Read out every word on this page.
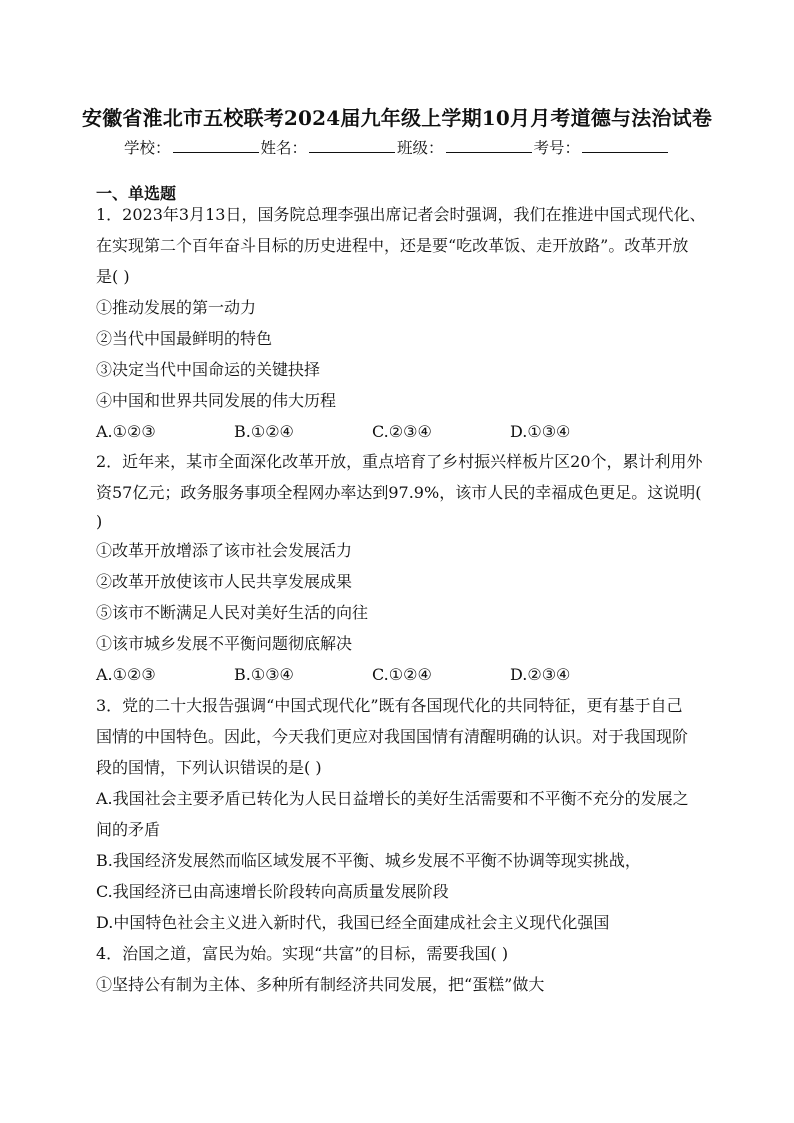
安徽省淮北市五校联考2024届九年级上学期10月月考道德与法治试卷
学校：	姓名：	班级：	考号：
一、单选题
1．2023年3月13日，国务院总理李强出席记者会时强调，我们在推进中国式现代化、
在实现第二个百年奋斗目标的历史进程中，还是要“吃改革饭、走开放路”。改革开放
是( )
①推动发展的第一动力
②当代中国最鲜明的特色
③决定当代中国命运的关键抉择
④中国和世界共同发展的伟大历程
A.①②③	B.①②④	C.②③④	D.①③④
2．近年来，某市全面深化改革开放，重点培育了乡村振兴样板片区20个，累计利用外
资57亿元；政务服务事项全程网办率达到97.9%，该市人民的幸福成色更足。这说明(
)
①改革开放增添了该市社会发展活力
②改革开放使该市人民共享发展成果
⑤该市不断满足人民对美好生活的向往
①该市城乡发展不平衡问题彻底解决
A.①②③	B.①③④	C.①②④	D.②③④
3．党的二十大报告强调“中国式现代化”既有各国现代化的共同特征，更有基于自己
国情的中国特色。因此，今天我们更应对我国国情有清醒明确的认识。对于我国现阶
段的国情，下列认识错误的是( )
A.我国社会主要矛盾已转化为人民日益增长的美好生活需要和不平衡不充分的发展之
间的矛盾
B.我国经济发展然而临区域发展不平衡、城乡发展不平衡不协调等现实挑战，
C.我国经济已由高速增长阶段转向高质量发展阶段
D.中国特色社会主义进入新时代，我国已经全面建成社会主义现代化强国
4．治国之道，富民为始。实现“共富”的目标，需要我国( )
①坚持公有制为主体、多种所有制经济共同发展，把“蛋糕”做大
